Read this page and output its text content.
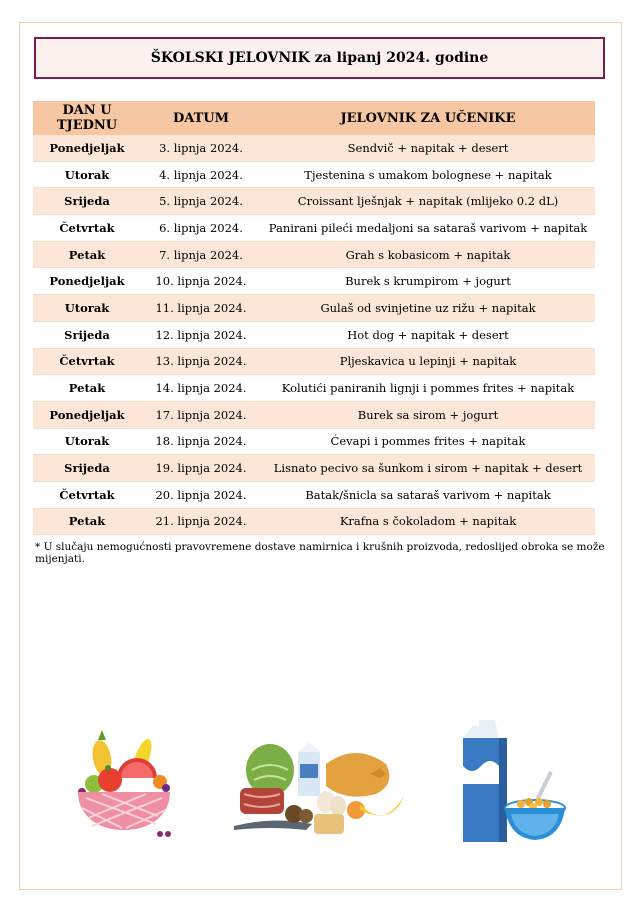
ŠKOLSKI JELOVNIK za lipanj 2024. godine
DAN U TJEDNU	DATUM	JELOVNIK ZA UČENIKE
Ponedjeljak	3. lipnja 2024.	Sendvič + napitak + desert
Utorak	4. lipnja 2024.	Tjestenina s umakom bolognese + napitak
Srijeda	5. lipnja 2024.	Croissant lješnjak + napitak (mlijeko 0.2 dL)
Četvrtak	6. lipnja 2024.	Panirani pileći medaljoni sa sataraš varivom + napitak
Petak	7. lipnja 2024.	Grah s kobasicom + napitak
Ponedjeljak	10. lipnja 2024.	Burek s krumpirom + jogurt
Utorak	11. lipnja 2024.	Gulaš od svinjetine uz rižu + napitak
Srijeda	12. lipnja 2024.	Hot dog + napitak + desert
Četvrtak	13. lipnja 2024.	Pljeskavica u lepinji + napitak
Petak	14. lipnja 2024.	Kolutići paniranih lignji i pommes frites + napitak
Ponedjeljak	17. lipnja 2024.	Burek sa sirom + jogurt
Utorak	18. lipnja 2024.	Ćevapi i pommes frites + napitak
Srijeda	19. lipnja 2024.	Lisnato pecivo sa šunkom i sirom + napitak + desert
Četvrtak	20. lipnja 2024.	Batak/šnicla sa sataraš varivom + napitak
Petak	21. lipnja 2024.	Krafna s čokoladom + napitak
* U slučaju nemogućnosti pravovremene dostave namirnica i krušnih proizvoda, redoslijed obroka se može mijenjati.
